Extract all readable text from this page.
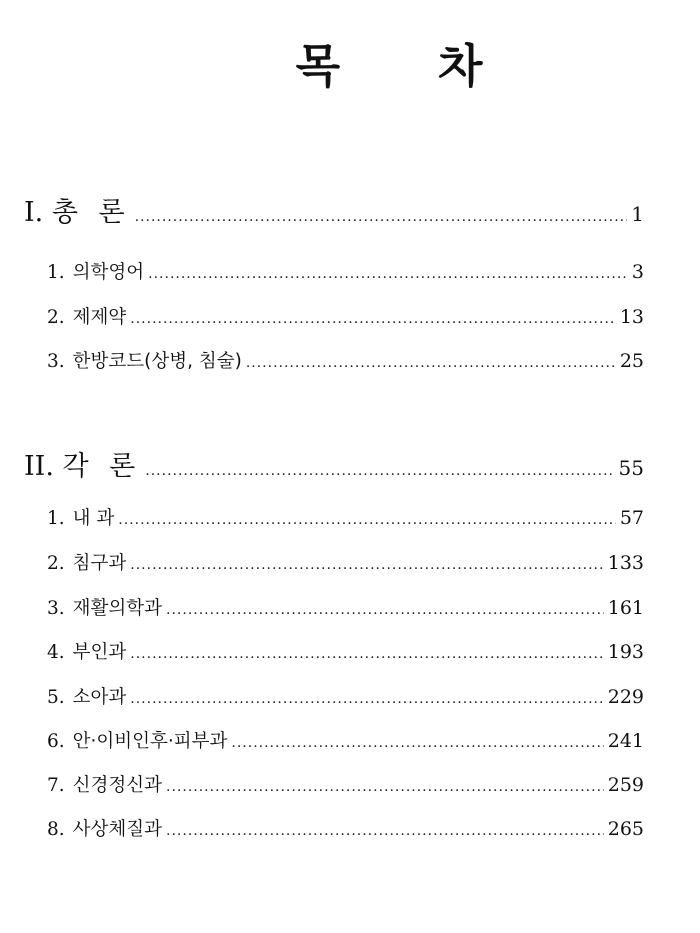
목 차
I. 총 론 .....	1
1. 의학영어 .....	3
2. 제제약 .....	13
3. 한방코드(상병, 침술) .....	25
II. 각 론 .....	55
1. 내 과 .....	57
2. 침구과 .....	133
3. 재활의학과 .....	161
4. 부인과 .....	193
5. 소아과 .....	229
6. 안·이비인후·피부과 .....	241
7. 신경정신과 .....	259
8. 사상체질과 .....	265
